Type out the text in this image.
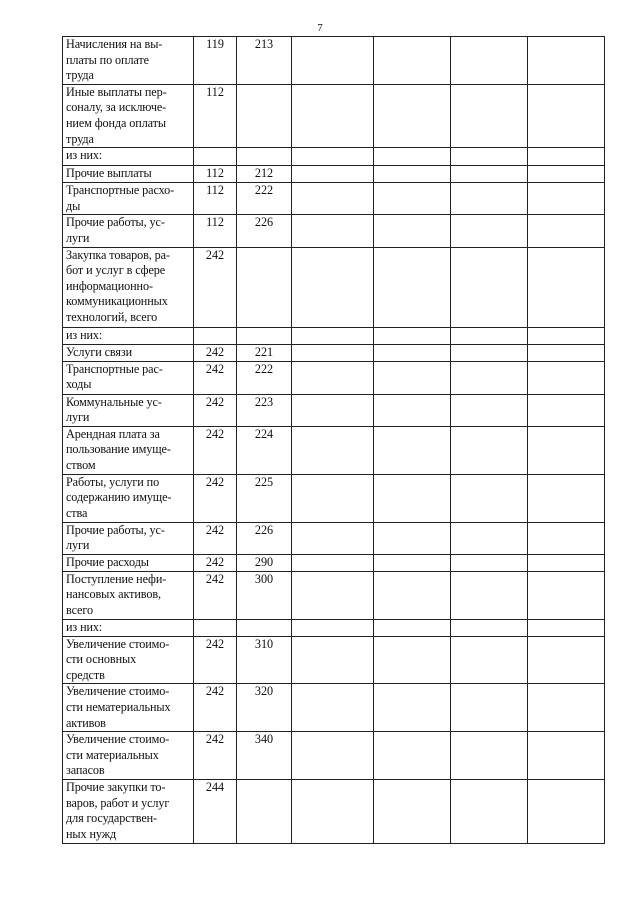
7
Начисления на вы-
платы по оплате
труда	119	213				
Иные выплаты пер-
соналу, за исключе-
нием фонда оплаты
труда	112					
из них:						
Прочие выплаты	112	212				
Транспортные расхо-
ды	112	222				
Прочие работы, ус-
луги	112	226				
Закупка товаров, ра-
бот и услуг в сфере
информационно-
коммуникационных
технологий, всего	242					
из них:						
Услуги связи	242	221				
Транспортные рас-
ходы	242	222				
Коммунальные ус-
луги	242	223				
Арендная плата за
пользование имуще-
ством	242	224				
Работы, услуги по
содержанию имуще-
ства	242	225				
Прочие работы, ус-
луги	242	226				
Прочие расходы	242	290				
Поступление нефи-
нансовых активов,
всего	242	300				
из них:						
Увеличение стоимо-
сти основных
средств	242	310				
Увеличение стоимо-
сти нематериальных
активов	242	320				
Увеличение стоимо-
сти материальных
запасов	242	340				
Прочие закупки то-
варов, работ и услуг
для государствен-
ных нужд	244					
